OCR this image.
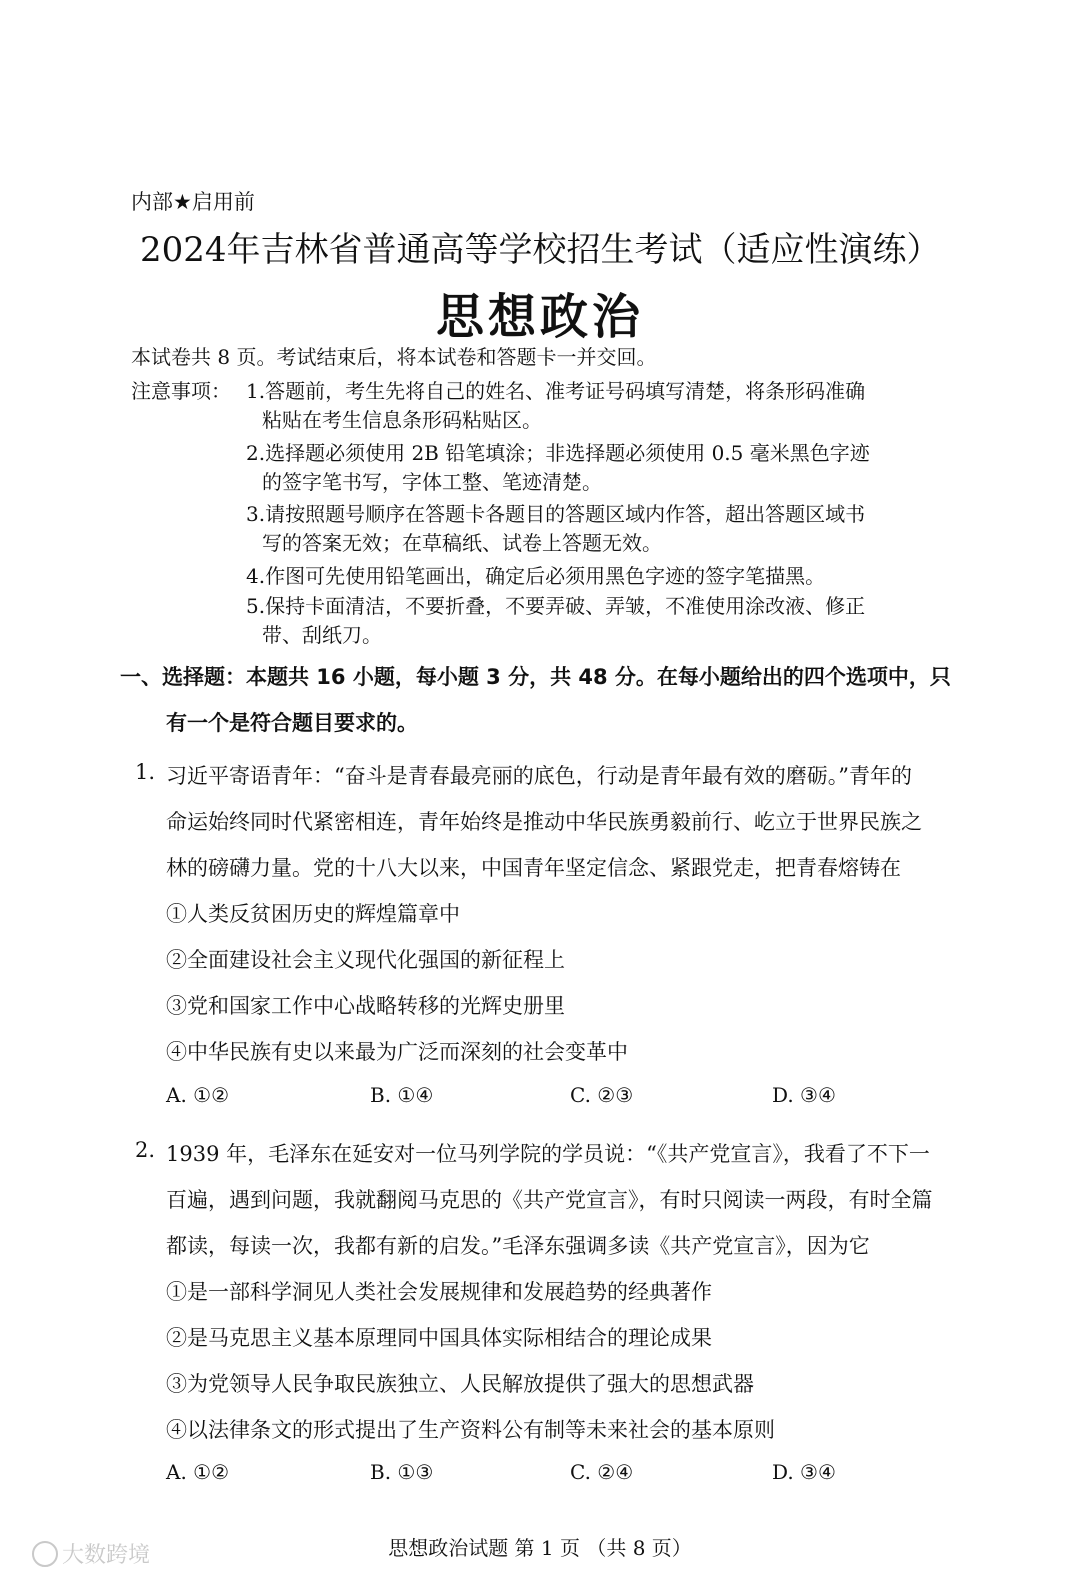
内部★启用前
2024年吉林省普通高等学校招生考试（适应性演练）
思想政治
本试卷共 8 页。考试结束后，将本试卷和答题卡一并交回。
注意事项： 1.答题前，考生先将自己的姓名、准考证号码填写清楚，将条形码准确
粘贴在考生信息条形码粘贴区。
2.选择题必须使用 2B 铅笔填涂；非选择题必须使用 0.5 毫米黑色字迹
的签字笔书写，字体工整、笔迹清楚。
3.请按照题号顺序在答题卡各题目的答题区域内作答，超出答题区域书
写的答案无效；在草稿纸、试卷上答题无效。
4.作图可先使用铅笔画出，确定后必须用黑色字迹的签字笔描黑。
5.保持卡面清洁，不要折叠，不要弄破、弄皱，不准使用涂改液、修正
带、刮纸刀。
一、选择题：本题共 16 小题，每小题 3 分，共 48 分。在每小题给出的四个选项中，只
有一个是符合题目要求的。
1. 习近平寄语青年：“奋斗是青春最亮丽的底色，行动是青年最有效的磨砺。”青年的
命运始终同时代紧密相连，青年始终是推动中华民族勇毅前行、屹立于世界民族之
林的磅礴力量。党的十八大以来，中国青年坚定信念、紧跟党走，把青春熔铸在
①人类反贫困历史的辉煌篇章中
②全面建设社会主义现代化强国的新征程上
③党和国家工作中心战略转移的光辉史册里
④中华民族有史以来最为广泛而深刻的社会变革中
A. ①②	B. ①④	C. ②③	D. ③④
2. 1939 年，毛泽东在延安对一位马列学院的学员说：“《共产党宣言》，我看了不下一
百遍，遇到问题，我就翻阅马克思的《共产党宣言》，有时只阅读一两段，有时全篇
都读，每读一次，我都有新的启发。”毛泽东强调多读《共产党宣言》，因为它
①是一部科学洞见人类社会发展规律和发展趋势的经典著作
②是马克思主义基本原理同中国具体实际相结合的理论成果
③为党领导人民争取民族独立、人民解放提供了强大的思想武器
④以法律条文的形式提出了生产资料公有制等未来社会的基本原则
A. ①②	B. ①③	C. ②④	D. ③④
思想政治试题 第 1 页 （共 8 页）
大数跨境
